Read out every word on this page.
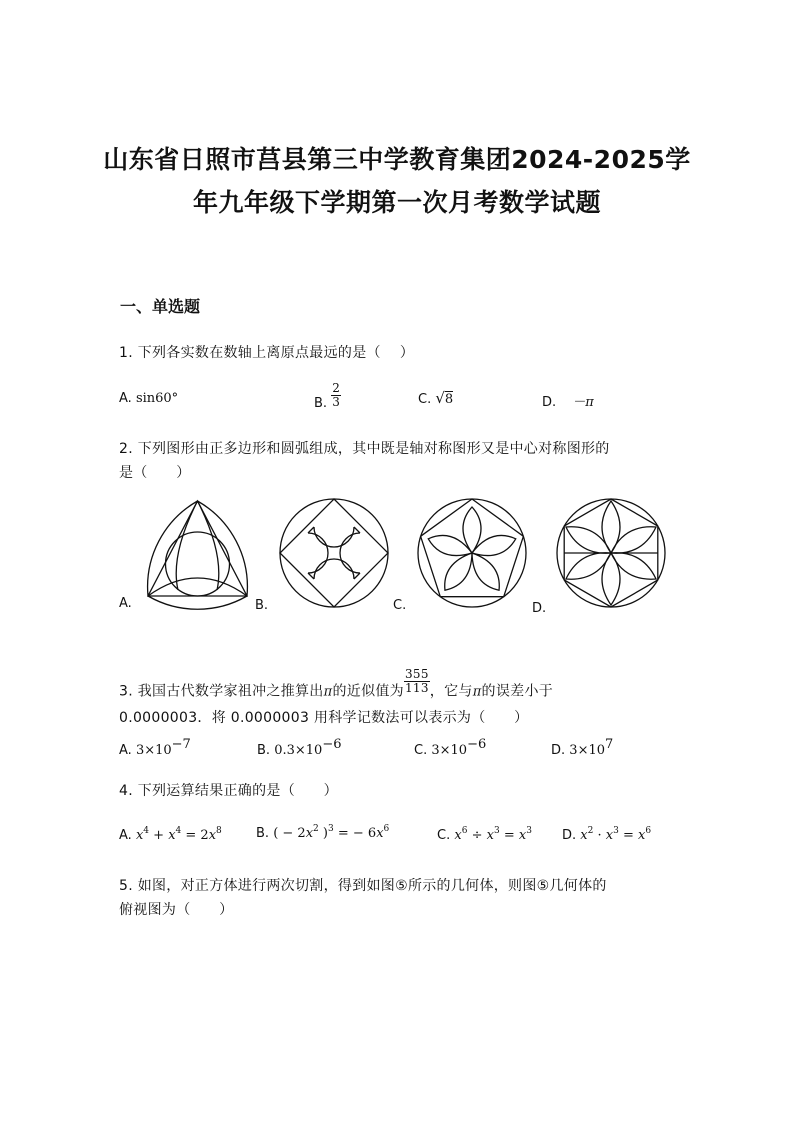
山东省日照市莒县第三中学教育集团2024-2025学
年九年级下学期第一次月考数学试题
一、单选题
1. 下列各实数在数轴上离原点最远的是（　 ）
A. sin60°	B. $\frac{2}{3}$	C. √8	D. －π
2. 下列图形由正多边形和圆弧组成，其中既是轴对称图形又是中心对称图形的
是（　　）
A.	B.	C.	D.
3. 我国古代数学家祖冲之推算出π的近似值为 $\frac{355}{113}$ ，它与π的误差小于
0.0000003．将 0.0000003 用科学记数法可以表示为（　　）
A. $3\times 10^{-7}$	B. $0.3\times 10^{-6}$	C. $3\times 10^{-6}$	D. $3\times 10^7$
4. 下列运算结果正确的是（　　）
A. $x^4 + x^4 = 2x^8$	B. ( − $2x^2$ )$^3$ = − $6x^6$	C. $x^6 \div x^3 = x^3$ D. $x^2 \cdot x^3 = x^6$
5. 如图，对正方体进行两次切割，得到如图⑤所示的几何体，则图⑤几何体的
俯视图为（　　）
